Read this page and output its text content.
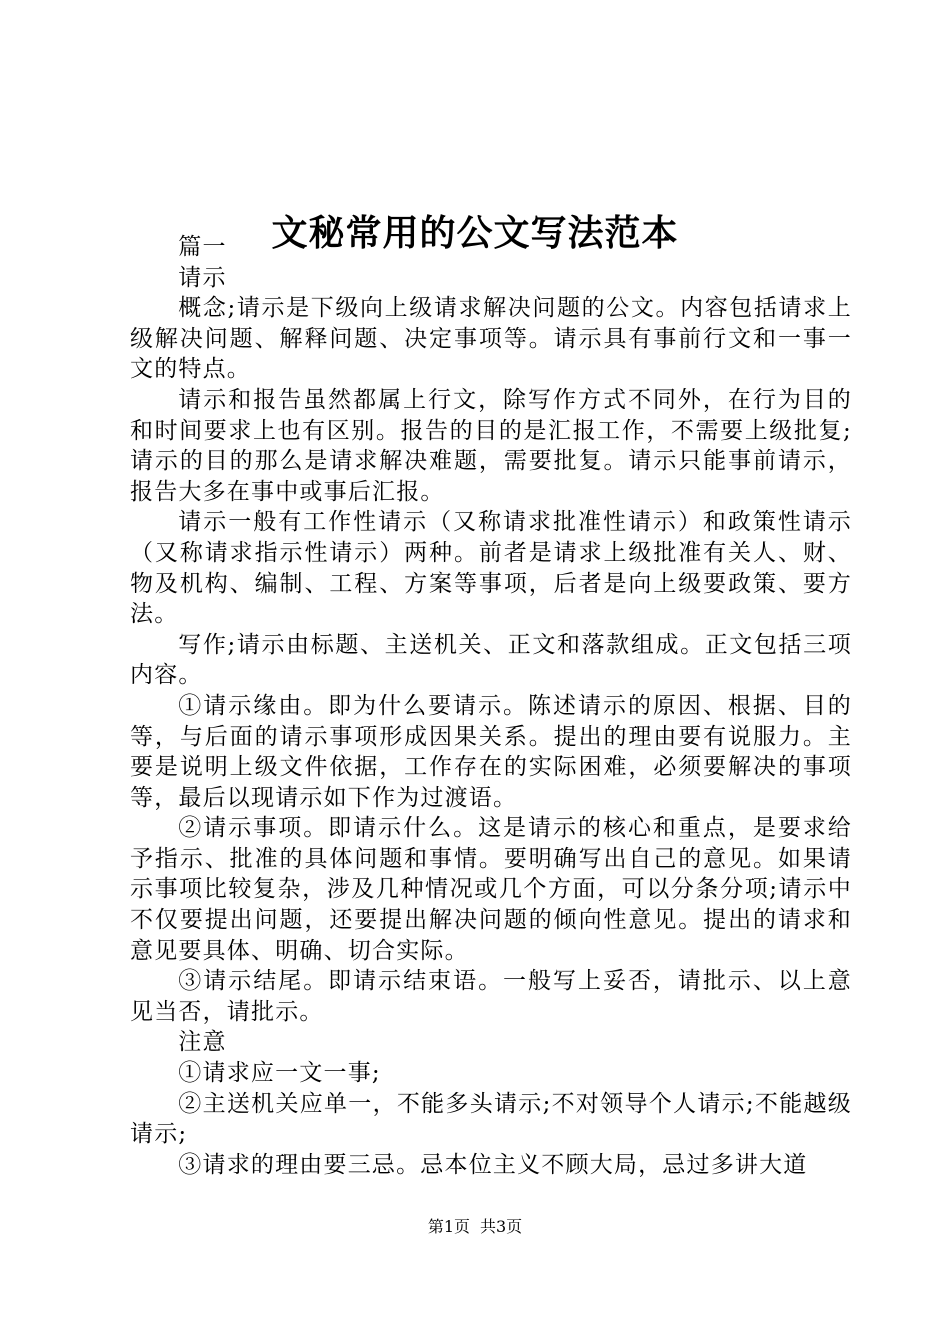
文秘常用的公文写法范本

篇一

请示

概念;请示是下级向上级请求解决问题的公文。内容包括请求上级解决问题、解释问题、决定事项等。请示具有事前行文和一事一文的特点。

请示和报告虽然都属上行文，除写作方式不同外，在行为目的和时间要求上也有区别。报告的目的是汇报工作，不需要上级批复;请示的目的那么是请求解决难题，需要批复。请示只能事前请示，报告大多在事中或事后汇报。

请示一般有工作性请示（又称请求批准性请示）和政策性请示（又称请求指示性请示）两种。前者是请求上级批准有关人、财、物及机构、编制、工程、方案等事项，后者是向上级要政策、要方法。

写作;请示由标题、主送机关、正文和落款组成。正文包括三项内容。

①请示缘由。即为什么要请示。陈述请示的原因、根据、目的等，与后面的请示事项形成因果关系。提出的理由要有说服力。主要是说明上级文件依据，工作存在的实际困难，必须要解决的事项等，最后以现请示如下作为过渡语。

②请示事项。即请示什么。这是请示的核心和重点，是要求给予指示、批准的具体问题和事情。要明确写出自己的意见。如果请示事项比较复杂，涉及几种情况或几个方面，可以分条分项;请示中不仅要提出问题，还要提出解决问题的倾向性意见。提出的请求和意见要具体、明确、切合实际。

③请示结尾。即请示结束语。一般写上妥否，请批示、以上意见当否，请批示。

注意

①请求应一文一事;

②主送机关应单一，不能多头请示;不对领导个人请示;不能越级请示;

③请求的理由要三忌。忌本位主义不顾大局，忌过多讲大道

第1页 共3页
